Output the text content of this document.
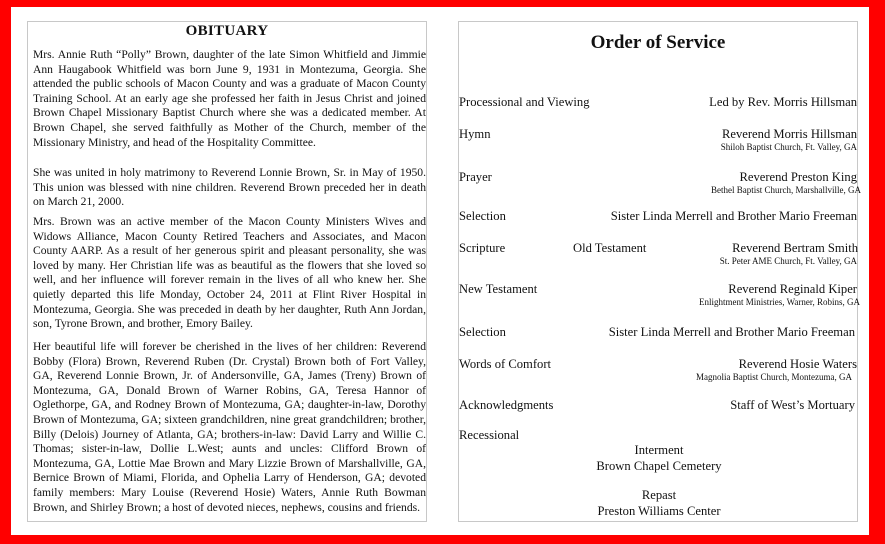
OBITUARY

Mrs. Annie Ruth “Polly” Brown, daughter of the late Simon Whitfield and Jimmie Ann Haugabook Whitfield was born June 9, 1931 in Montezuma, Georgia. She attended the public schools of Macon County and was a graduate of Macon County Training School. At an early age she professed her faith in Jesus Christ and joined Brown Chapel Missionary Baptist Church where she was a dedicated member. At Brown Chapel, she served faithfully as Mother of the Church, member of the Missionary Ministry, and head of the Hospitality Committee.

She was united in holy matrimony to Reverend Lonnie Brown, Sr. in May of 1950. This union was blessed with nine children. Reverend Brown preceded her in death on March 21, 2000.

Mrs. Brown was an active member of the Macon County Ministers Wives and Widows Alliance, Macon County Retired Teachers and Associates, and Macon County AARP. As a result of her generous spirit and pleasant personality, she was loved by many. Her Christian life was as beautiful as the flowers that she loved so well, and her influence will forever remain in the lives of all who knew her. She quietly departed this life Monday, October 24, 2011 at Flint River Hospital in Montezuma, Georgia. She was preceded in death by her daughter, Ruth Ann Jordan, son, Tyrone Brown, and brother, Emory Bailey.

Her beautiful life will forever be cherished in the lives of her children: Reverend Bobby (Flora) Brown, Reverend Ruben (Dr. Crystal) Brown both of Fort Valley, GA, Reverend Lonnie Brown, Jr. of Andersonville, GA, James (Treny) Brown of Montezuma, GA, Donald Brown of Warner Robins, GA, Teresa Hannor of Oglethorpe, GA, and Rodney Brown of Montezuma, GA; daughter-in-law, Dorothy Brown of Montezuma, GA; sixteen grandchildren, nine great grandchildren; brother, Billy (Delois) Journey of Atlanta, GA; brothers-in-law: David Larry and Willie C. Thomas; sister-in-law, Dollie L.West; aunts and uncles: Clifford Brown of Montezuma, GA, Lottie Mae Brown and Mary Lizzie Brown of Marshallville, GA, Bernice Brown of Miami, Florida, and Ophelia Larry of Henderson, GA; devoted family members: Mary Louise (Reverend Hosie) Waters, Annie Ruth Bowman Brown, and Shirley Brown; a host of devoted nieces, nephews, cousins and friends.

Order of Service
Processional and Viewing	Led by Rev. Morris Hillsman
Hymn	Reverend Morris Hillsman
Shiloh Baptist Church, Ft. Valley, GA
Prayer	Reverend Preston King
Bethel Baptist Church, Marshallville, GA
Selection	Sister Linda Merrell and Brother Mario Freeman
Scripture	Old Testament	Reverend Bertram Smith
St. Peter AME Church, Ft. Valley, GA
New Testament	Reverend Reginald Kiper
Enlightment Ministries, Warner, Robins, GA
Selection	Sister Linda Merrell and Brother Mario Freeman
Words of Comfort	Reverend Hosie Waters
Magnolia Baptist Church, Montezuma, GA
Acknowledgments	Staff of West’s Mortuary
Recessional
Interment
Brown Chapel Cemetery
Repast
Preston Williams Center
